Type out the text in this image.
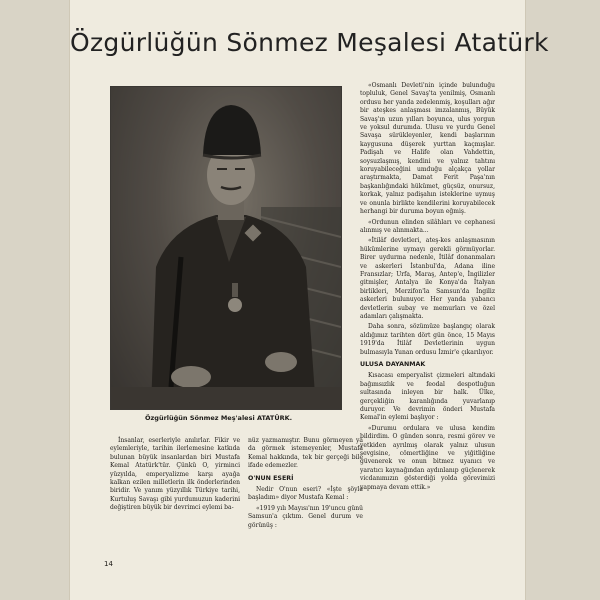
Özgürlüğün Sönmez Meşalesi Atatürk
Özgürlüğün Sönmez Meş'alesi ATATÜRK.

«Osmanlı Devleti'nin içinde bulunduğu topluluk, Genel Savaş'ta yenilmiş, Osmanlı ordusu her yanda zedelenmiş, koşulları ağır bir ateşkes anlaşması imzalanmış, Büyük Savaş'ın uzun yılları boyunca, ulus yorgun ve yoksul durumda. Ulusu ve yurdu Genel Savaşa sürükleyenler, kendi başlarının kaygusuna düşerek yurttan kaçmışlar. Padişah ve Halife olan Vahdettin, soysuzlaşmış, kendini ve yalnız tahtını koruyabileceğini umduğu alçakça yollar araştırmakta, Damat Ferit Paşa'nın başkanlığındaki hükümet, güçsüz, onursuz, korkak, yalnız padişahın isteklerine uymuş ve onunla birlikte kendilerini koruyabilecek herhangi bir duruma boyun eğmiş.

«Ordunun elinden silâhları ve cephanesi alınmış ve alınmakta...

«İtilâf devletleri, ateş-kes anlaşmasının hükümlerine uymayı gerekli görmüyorlar. Birer uydurma nedenle, İtilâf donanmaları ve askerleri İstanbul'da, Adana iline Fransızlar; Urfa, Maraş, Antep'e, İngilizler gitmişler, Antalya ile Konya'da İtalyan birlikleri, Merzifon'la Samsun'da İngiliz askerleri bulunuyor. Her yanda yabancı devletlerin subay ve memurları ve özel adamları çalışmakta.

Daha sonra, sözümüze başlangıç olarak aldığımız tarihten dört gün önce, 15 Mayıs 1919'da İtilâf Devletlerinin uygun bulmasıyla Yunan ordusu İzmir'e çıkarılıyor.

ULUSA DAYANMAK

Kısacası emperyalist çizmeleri altındaki bağımsızlık ve feodal despotluğun sultasında inleyen bir halk. Ülke, gerçekliğin karanlığında yuvarlanıp duruyor. Ve devrimin önderi Mustafa Kemal'in eylemi başlıyor :

«Durumu ordulara ve ulusa kendim bildirdim. O günden sonra, resmi görev ve yetkiden ayrılmış olarak yalnız ulusun sevgisine, cömertliğine ve yiğitliğine güvenerek ve onun bitmez uyanıcı ve yaratıcı kaynağından aydınlanıp güçlenerek vicdanımızın gösterdiği yolda görevimizi yapmaya devam ettik.»

İnsanlar, eserleriyle anılırlar. Fikir ve eylemleriyle, tarihin ilerlemesine katkıda bulunan büyük insanlardan biri Mustafa Kemal Atatürk'tür. Çünkü O, yirminci yüzyılda, emperyalizme karşı ayağa kalkan ezilen milletlerin ilk önderlerinden biridir. Ve yanım yüzyıllık Türkiye tarihi, Kurtuluş Savaşı gibi yurdumuzun kaderini değiştiren büyük bir devrimci eylemi ba-

nüz yazmamıştır. Bunu görmeyen ya da görmek istemeyenler, Mustafa Kemal hakkında, tek bir gerçeği bile ifade edemezler.

O'NUN ESERİ

Nedir O'nun eseri? «İşte şöyle başladım» diyor Mustafa Kemal :

«1919 yılı Mayısı'nın 19'uncu günü Samsun'a çıktım. Genel durum ve görünüş :

14
